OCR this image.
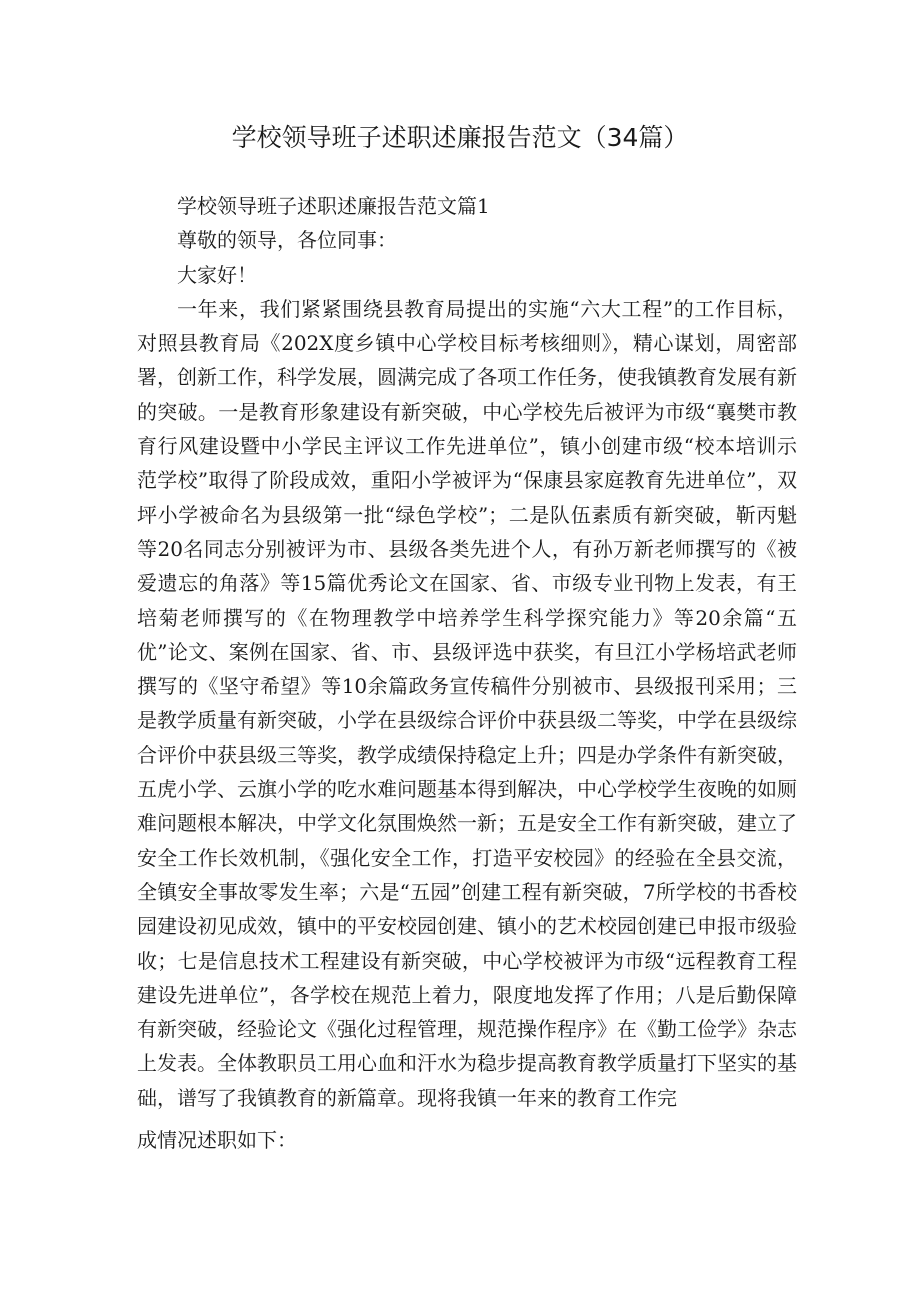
学校领导班子述职述廉报告范文（34篇）

学校领导班子述职述廉报告范文篇1

尊敬的领导，各位同事：

大家好！

一年来，我们紧紧围绕县教育局提出的实施“六大工程”的工作目标，对照县教育局《202X度乡镇中心学校目标考核细则》，精心谋划，周密部署，创新工作，科学发展，圆满完成了各项工作任务，使我镇教育发展有新的突破。一是教育形象建设有新突破，中心学校先后被评为市级“襄樊市教育行风建设暨中小学民主评议工作先进单位”，镇小创建市级“校本培训示范学校”取得了阶段成效，重阳小学被评为“保康县家庭教育先进单位”，双坪小学被命名为县级第一批“绿色学校”；二是队伍素质有新突破，靳丙魁等20名同志分别被评为市、县级各类先进个人，有孙万新老师撰写的《被爱遗忘的角落》等15篇优秀论文在国家、省、市级专业刊物上发表，有王培菊老师撰写的《在物理教学中培养学生科学探究能力》等20余篇“五优”论文、案例在国家、省、市、县级评选中获奖，有旦江小学杨培武老师撰写的《坚守希望》等10余篇政务宣传稿件分别被市、县级报刊采用；三是教学质量有新突破，小学在县级综合评价中获县级二等奖，中学在县级综合评价中获县级三等奖，教学成绩保持稳定上升；四是办学条件有新突破，五虎小学、云旗小学的吃水难问题基本得到解决，中心学校学生夜晚的如厕难问题根本解决，中学文化氛围焕然一新；五是安全工作有新突破，建立了安全工作长效机制，《强化安全工作，打造平安校园》的经验在全县交流，全镇安全事故零发生率；六是“五园”创建工程有新突破，7所学校的书香校园建设初见成效，镇中的平安校园创建、镇小的艺术校园创建已申报市级验收；七是信息技术工程建设有新突破，中心学校被评为市级“远程教育工程建设先进单位”，各学校在规范上着力，限度地发挥了作用；八是后勤保障有新突破，经验论文《强化过程管理，规范操作程序》在《勤工俭学》杂志上发表。全体教职员工用心血和汗水为稳步提高教育教学质量打下坚实的基础，谱写了我镇教育的新篇章。现将我镇一年来的教育工作完

成情况述职如下：
